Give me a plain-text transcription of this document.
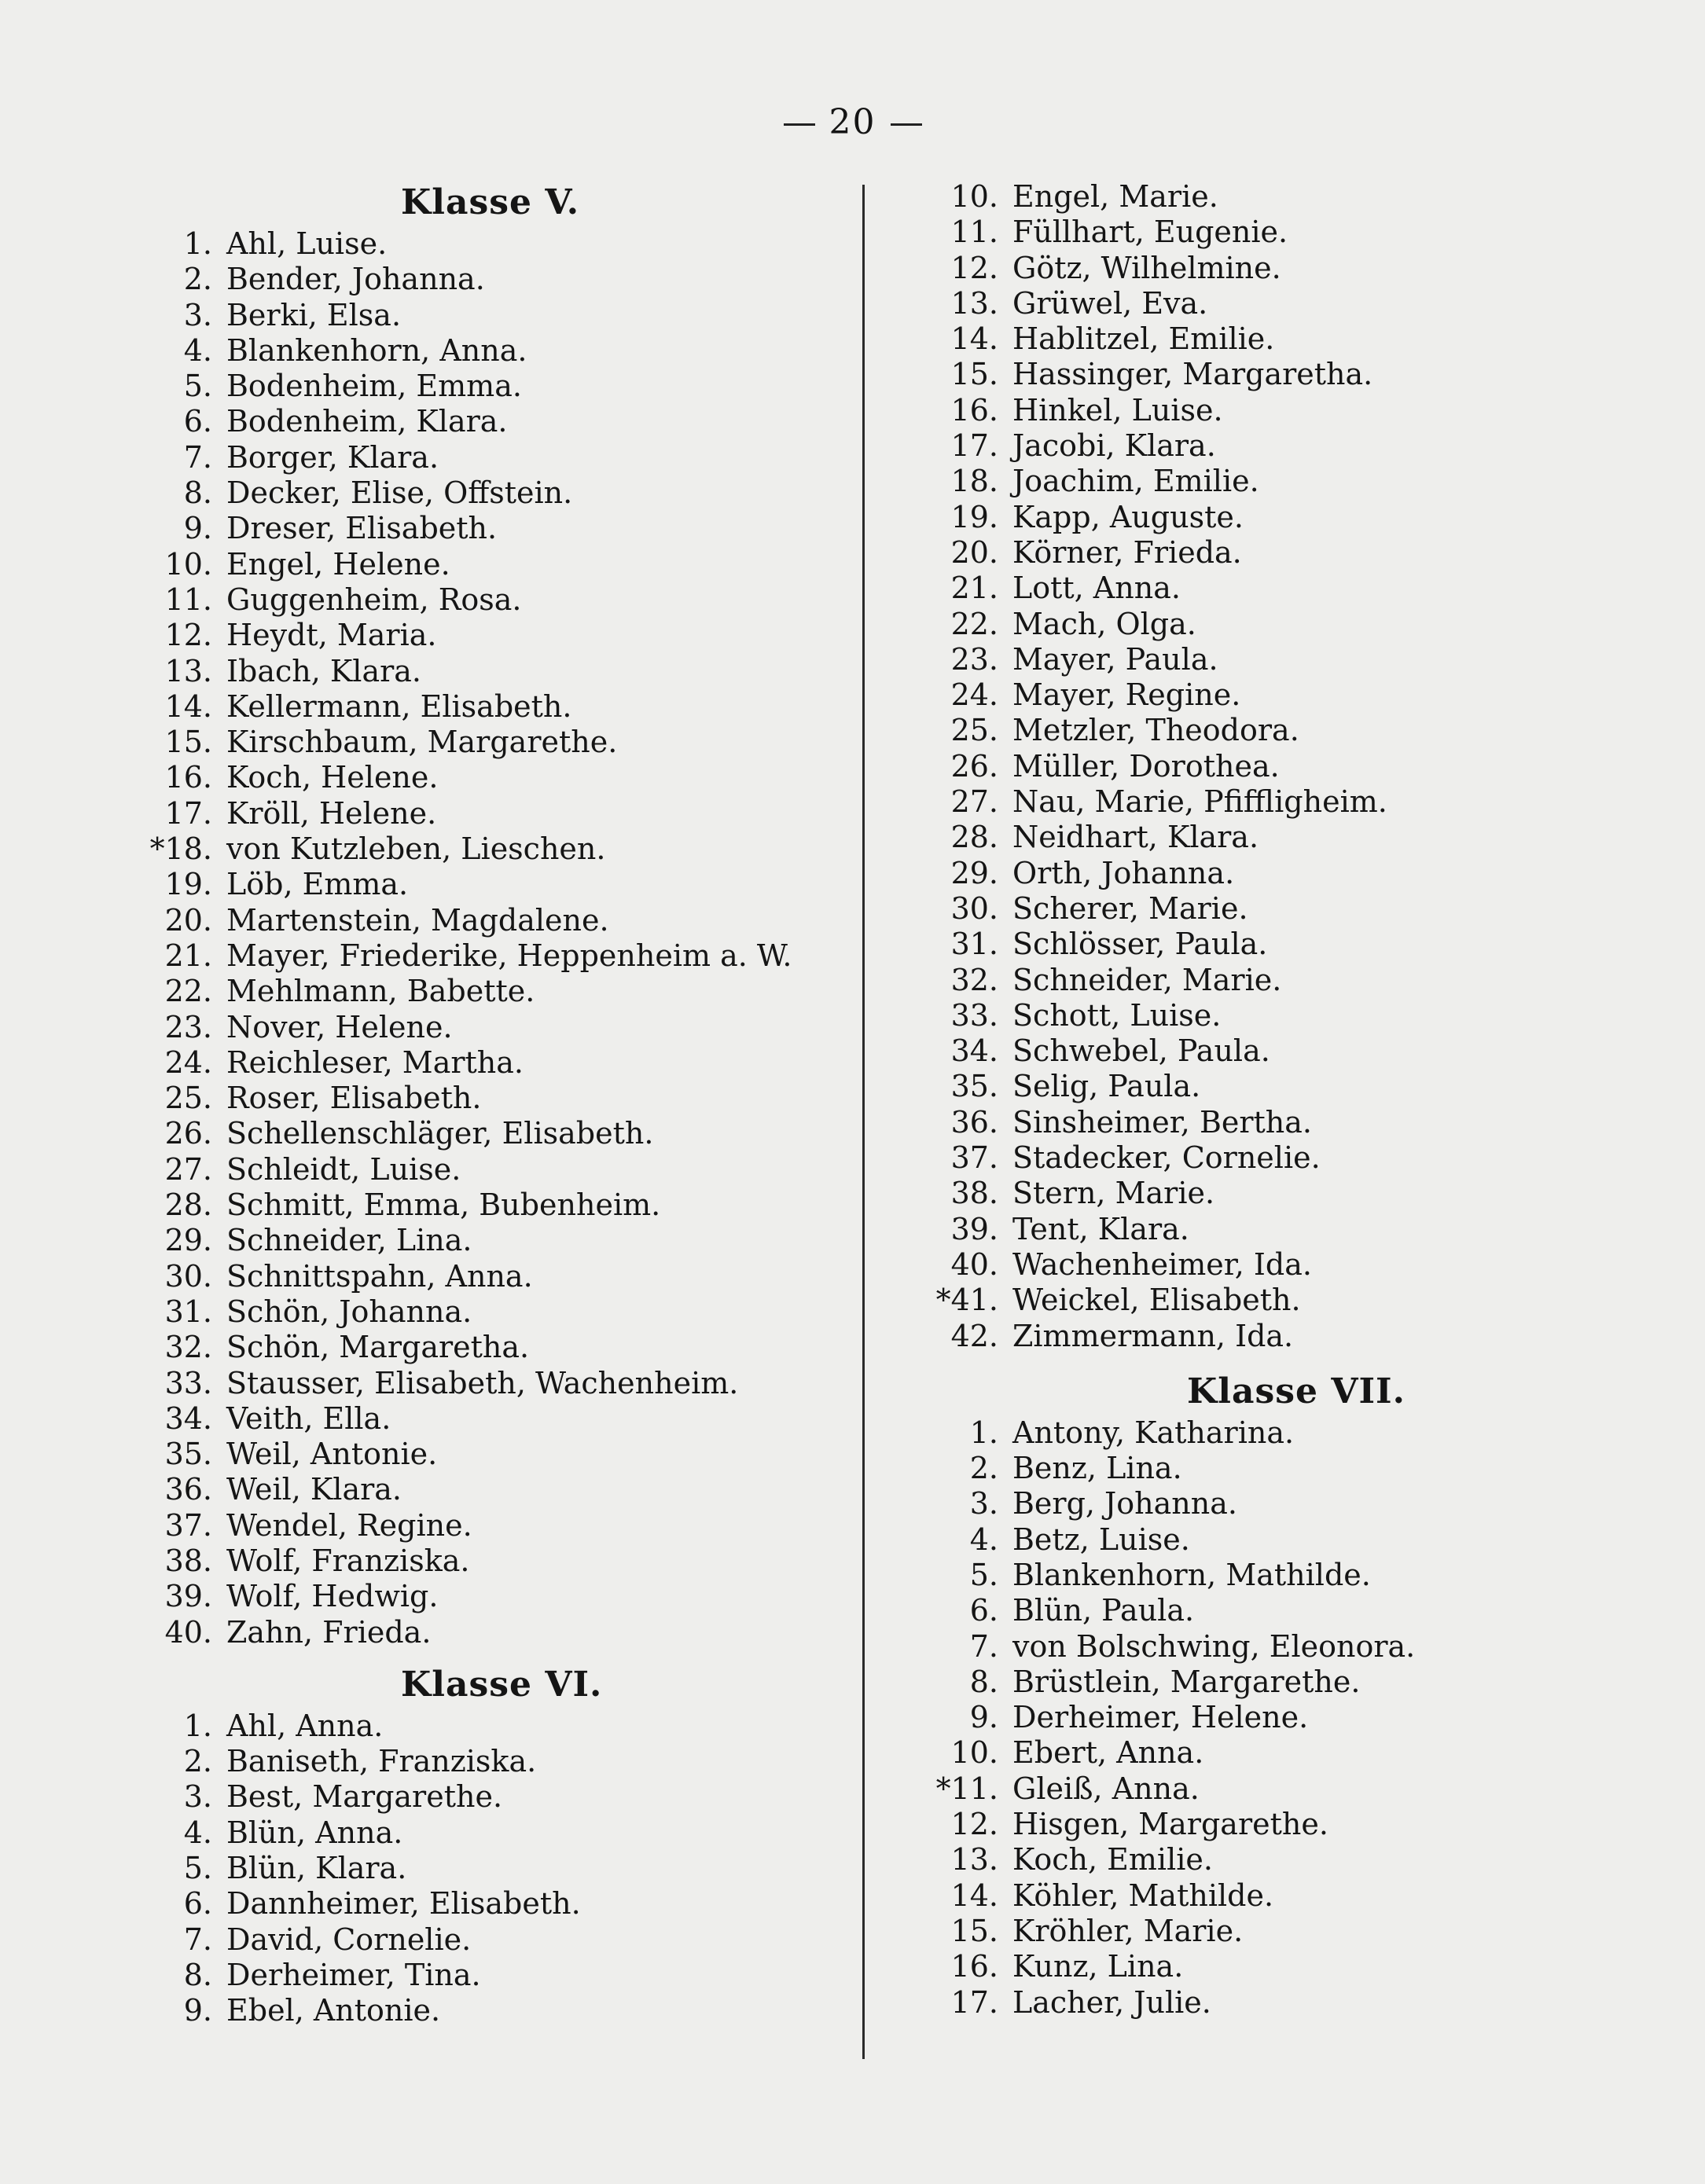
20
Klasse V.
1. Ahl, Luise.
2. Bender, Johanna.
3. Berki, Elsa.
4. Blankenhorn, Anna.
5. Bodenheim, Emma.
6. Bodenheim, Klara.
7. Borger, Klara.
8. Decker, Elise, Offstein.
9. Dreser, Elisabeth.
10. Engel, Helene.
11. Guggenheim, Rosa.
12. Heydt, Maria.
13. Ibach, Klara.
14. Kellermann, Elisabeth.
15. Kirschbaum, Margarethe.
16. Koch, Helene.
17. Kröll, Helene.
*18. von Kutzleben, Lieschen.
19. Löb, Emma.
20. Martenstein, Magdalene.
21. Mayer, Friederike, Heppenheim a. W.
22. Mehlmann, Babette.
23. Nover, Helene.
24. Reichleser, Martha.
25. Roser, Elisabeth.
26. Schellenschläger, Elisabeth.
27. Schleidt, Luise.
28. Schmitt, Emma, Bubenheim.
29. Schneider, Lina.
30. Schnittspahn, Anna.
31. Schön, Johanna.
32. Schön, Margaretha.
33. Stausser, Elisabeth, Wachenheim.
34. Veith, Ella.
35. Weil, Antonie.
36. Weil, Klara.
37. Wendel, Regine.
38. Wolf, Franziska.
39. Wolf, Hedwig.
40. Zahn, Frieda.
Klasse VI.
1. Ahl, Anna.
2. Baniseth, Franziska.
3. Best, Margarethe.
4. Blün, Anna.
5. Blün, Klara.
6. Dannheimer, Elisabeth.
7. David, Cornelie.
8. Derheimer, Tina.
9. Ebel, Antonie.
10. Engel, Marie.
11. Füllhart, Eugenie.
12. Götz, Wilhelmine.
13. Grüwel, Eva.
14. Hablitzel, Emilie.
15. Hassinger, Margaretha.
16. Hinkel, Luise.
17. Jacobi, Klara.
18. Joachim, Emilie.
19. Kapp, Auguste.
20. Körner, Frieda.
21. Lott, Anna.
22. Mach, Olga.
23. Mayer, Paula.
24. Mayer, Regine.
25. Metzler, Theodora.
26. Müller, Dorothea.
27. Nau, Marie, Pfiffligheim.
28. Neidhart, Klara.
29. Orth, Johanna.
30. Scherer, Marie.
31. Schlösser, Paula.
32. Schneider, Marie.
33. Schott, Luise.
34. Schwebel, Paula.
35. Selig, Paula.
36. Sinsheimer, Bertha.
37. Stadecker, Cornelie.
38. Stern, Marie.
39. Tent, Klara.
40. Wachenheimer, Ida.
*41. Weickel, Elisabeth.
42. Zimmermann, Ida.
Klasse VII.
1. Antony, Katharina.
2. Benz, Lina.
3. Berg, Johanna.
4. Betz, Luise.
5. Blankenhorn, Mathilde.
6. Blün, Paula.
7. von Bolschwing, Eleonora.
8. Brüstlein, Margarethe.
9. Derheimer, Helene.
10. Ebert, Anna.
*11. Gleiß, Anna.
12. Hisgen, Margarethe.
13. Koch, Emilie.
14. Köhler, Mathilde.
15. Kröhler, Marie.
16. Kunz, Lina.
17. Lacher, Julie.
